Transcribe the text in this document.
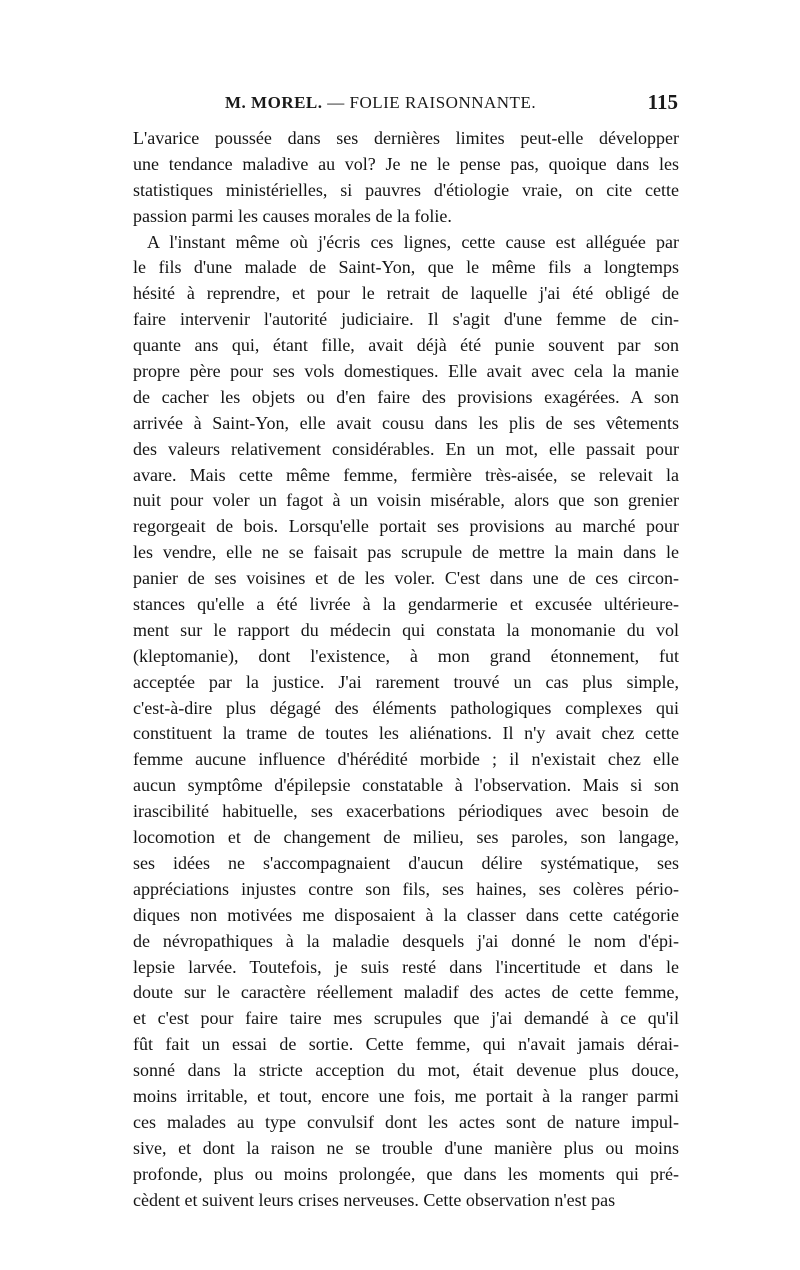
M. MOREL. — FOLIE RAISONNANTE.	115
L'avarice poussée dans ses dernières limites peut-elle développer
une tendance maladive au vol? Je ne le pense pas, quoique dans les
statistiques ministérielles, si pauvres d'étiologie vraie, on cite cette
passion parmi les causes morales de la folie.
A l'instant même où j'écris ces lignes, cette cause est alléguée par
le fils d'une malade de Saint-Yon, que le même fils a longtemps
hésité à reprendre, et pour le retrait de laquelle j'ai été obligé de
faire intervenir l'autorité judiciaire. Il s'agit d'une femme de cin-
quante ans qui, étant fille, avait déjà été punie souvent par son
propre père pour ses vols domestiques. Elle avait avec cela la manie
de cacher les objets ou d'en faire des provisions exagérées. A son
arrivée à Saint-Yon, elle avait cousu dans les plis de ses vêtements
des valeurs relativement considérables. En un mot, elle passait pour
avare. Mais cette même femme, fermière très-aisée, se relevait la
nuit pour voler un fagot à un voisin misérable, alors que son grenier
regorgeait de bois. Lorsqu'elle portait ses provisions au marché pour
les vendre, elle ne se faisait pas scrupule de mettre la main dans le
panier de ses voisines et de les voler. C'est dans une de ces circon-
stances qu'elle a été livrée à la gendarmerie et excusée ultérieure-
ment sur le rapport du médecin qui constata la monomanie du vol
(kleptomanie), dont l'existence, à mon grand étonnement, fut
acceptée par la justice. J'ai rarement trouvé un cas plus simple,
c'est-à-dire plus dégagé des éléments pathologiques complexes qui
constituent la trame de toutes les aliénations. Il n'y avait chez cette
femme aucune influence d'hérédité morbide ; il n'existait chez elle
aucun symptôme d'épilepsie constatable à l'observation. Mais si son
irascibilité habituelle, ses exacerbations périodiques avec besoin de
locomotion et de changement de milieu, ses paroles, son langage,
ses idées ne s'accompagnaient d'aucun délire systématique, ses
appréciations injustes contre son fils, ses haines, ses colères pério-
diques non motivées me disposaient à la classer dans cette catégorie
de névropathiques à la maladie desquels j'ai donné le nom d'épi-
lepsie larvée. Toutefois, je suis resté dans l'incertitude et dans le
doute sur le caractère réellement maladif des actes de cette femme,
et c'est pour faire taire mes scrupules que j'ai demandé à ce qu'il
fût fait un essai de sortie. Cette femme, qui n'avait jamais dérai-
sonné dans la stricte acception du mot, était devenue plus douce,
moins irritable, et tout, encore une fois, me portait à la ranger parmi
ces malades au type convulsif dont les actes sont de nature impul-
sive, et dont la raison ne se trouble d'une manière plus ou moins
profonde, plus ou moins prolongée, que dans les moments qui pré-
cèdent et suivent leurs crises nerveuses. Cette observation n'est pas
